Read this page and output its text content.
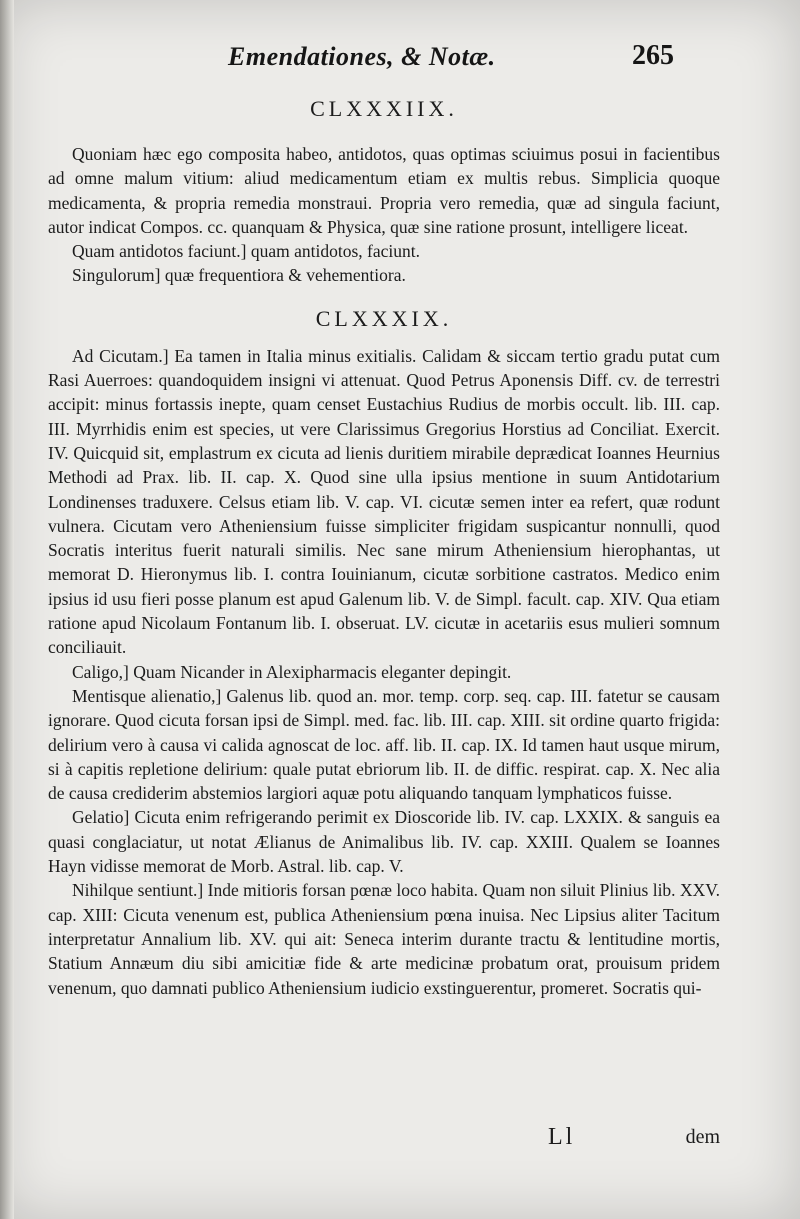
Emendationes, & Notæ.	265
CLXXXIIX.

Quoniam hæc ego composita habeo, antidotos, quas optimas sciuimus posui in facientibus ad omne malum vitium: aliud medicamentum etiam ex multis rebus. Simplicia quoque medicamenta, & propria remedia monstraui. Propria vero remedia, quæ ad singula faciunt, autor indicat Compos. cc. quanquam & Physica, quæ sine ratione prosunt, intelligere liceat.

Quam antidotos faciunt.] quam antidotos, faciunt.

Singulorum] quæ frequentiora & vehementiora.

CLXXXIX.

Ad Cicutam.] Ea tamen in Italia minus exitialis. Calidam & siccam tertio gradu putat cum Rasi Auerroes: quandoquidem insigni vi attenuat. Quod Petrus Aponensis Diff. cv. de terrestri accipit: minus fortassis inepte, quam censet Eustachius Rudius de morbis occult. lib. III. cap. III. Myrrhidis enim est species, ut vere Clarissimus Gregorius Horstius ad Conciliat. Exercit. IV. Quicquid sit, emplastrum ex cicuta ad lienis duritiem mirabile deprædicat Ioannes Heurnius Methodi ad Prax. lib. II. cap. X. Quod sine ulla ipsius mentione in suum Antidotarium Londinenses traduxere. Celsus etiam lib. V. cap. VI. cicutæ semen inter ea refert, quæ rodunt vulnera. Cicutam vero Atheniensium fuisse simpliciter frigidam suspicantur nonnulli, quod Socratis interitus fuerit naturali similis. Nec sane mirum Atheniensium hierophantas, ut memorat D. Hieronymus lib. I. contra Iouinianum, cicutæ sorbitione castratos. Medico enim ipsius id usu fieri posse planum est apud Galenum lib. V. de Simpl. facult. cap. XIV. Qua etiam ratione apud Nicolaum Fontanum lib. I. obseruat. LV. cicutæ in acetariis esus mulieri somnum conciliauit.

Caligo,] Quam Nicander in Alexipharmacis eleganter depingit.

Mentisque alienatio,] Galenus lib. quod an. mor. temp. corp. seq. cap. III. fatetur se causam ignorare. Quod cicuta forsan ipsi de Simpl. med. fac. lib. III. cap. XIII. sit ordine quarto frigida: delirium vero à causa vi calida agnoscat de loc. aff. lib. II. cap. IX. Id tamen haut usque mirum, si à capitis repletione delirium: quale putat ebriorum lib. II. de diffic. respirat. cap. X. Nec alia de causa crediderim abstemios largiori aquæ potu aliquando tanquam lymphaticos fuisse.

Gelatio] Cicuta enim refrigerando perimit ex Dioscoride lib. IV. cap. LXXIX. & sanguis ea quasi conglaciatur, ut notat Ælianus de Animalibus lib. IV. cap. XXIII. Qualem se Ioannes Hayn vidisse memorat de Morb. Astral. lib. cap. V.

Nihilque sentiunt.] Inde mitioris forsan pœnæ loco habita. Quam non siluit Plinius lib. XXV. cap. XIII: Cicuta venenum est, publica Atheniensium pœna inuisa. Nec Lipsius aliter Tacitum interpretatur Annalium lib. XV. qui ait: Seneca interim durante tractu & lentitudine mortis, Statium Annæum diu sibi amicitiæ fide & arte medicinæ probatum orat, prouisum pridem venenum, quo damnati publico Atheniensium iudicio exstinguerentur, promeret. Socratis qui-

Ll	dem
